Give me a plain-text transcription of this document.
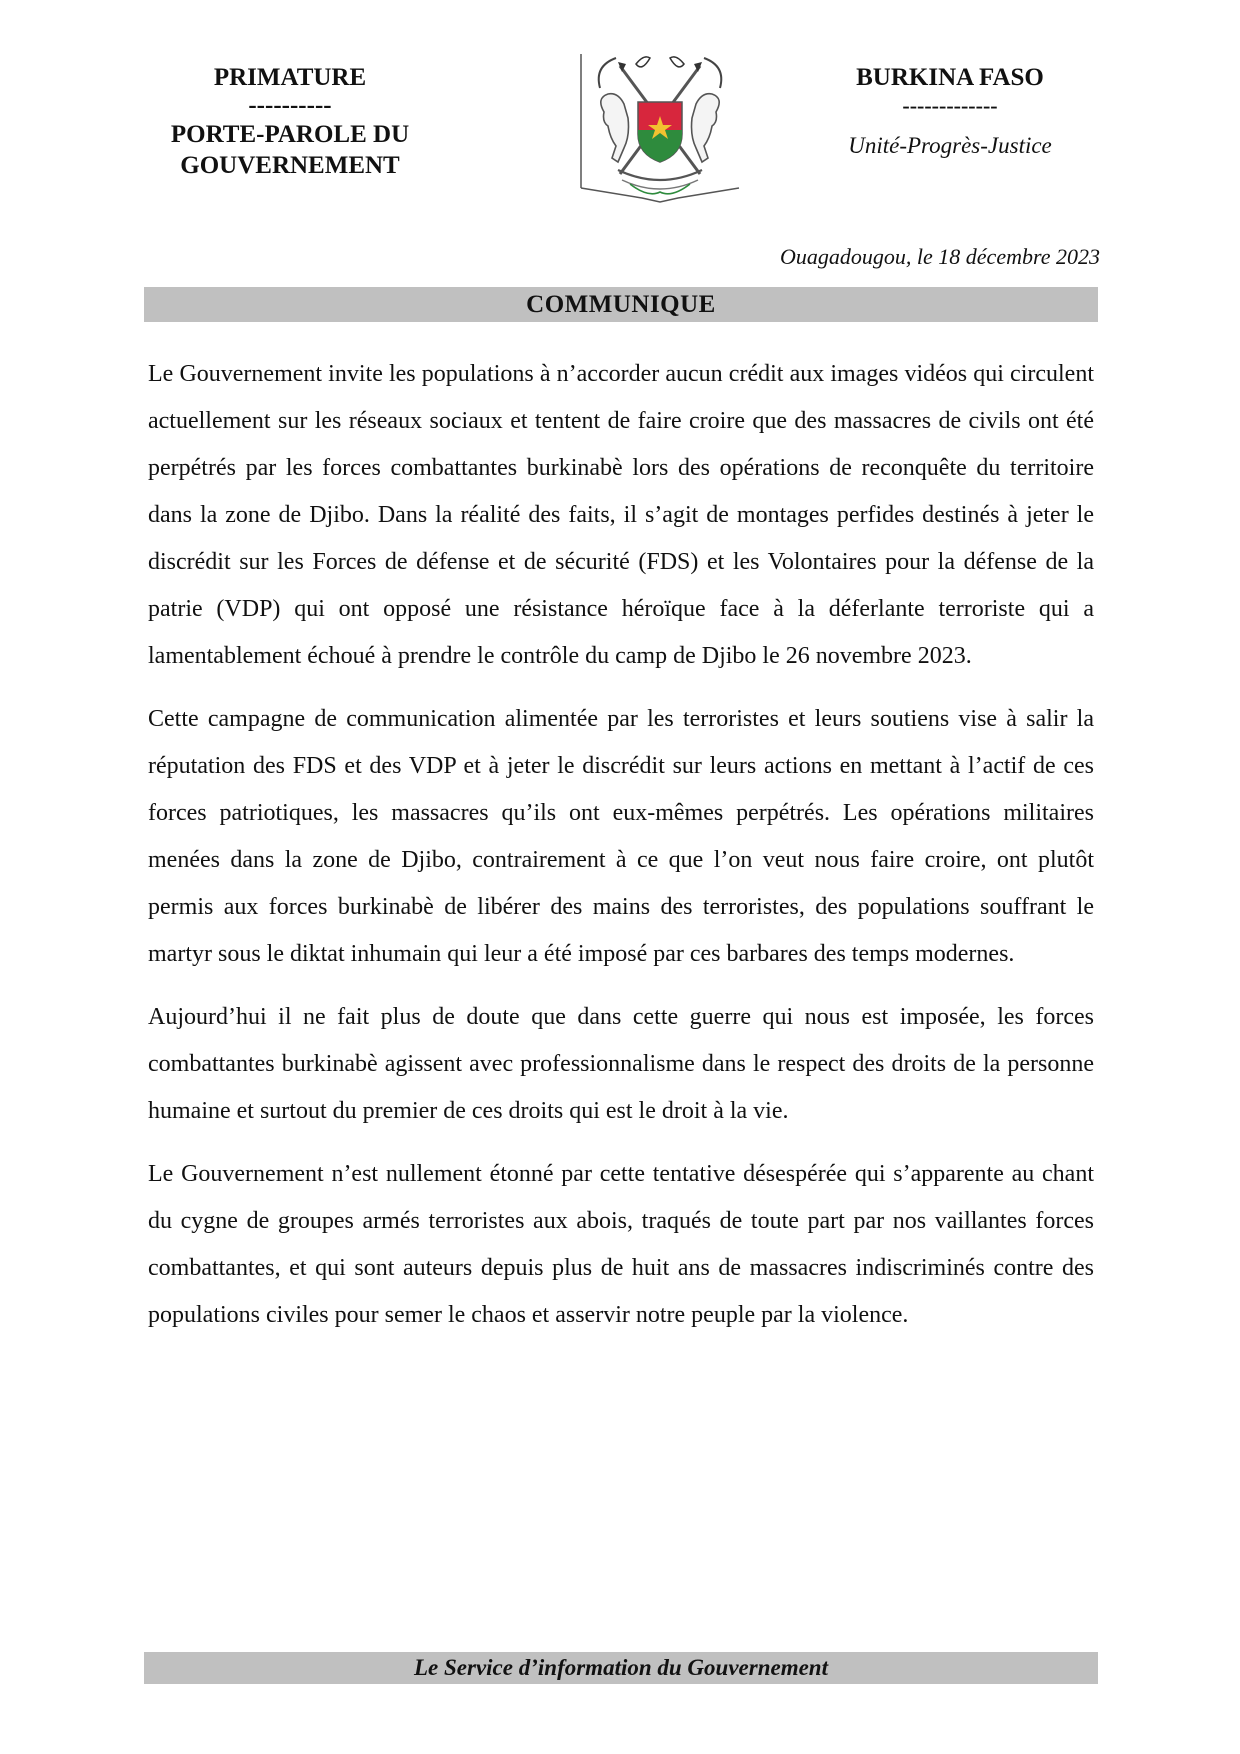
PRIMATURE
----------
PORTE-PAROLE DU
GOUVERNEMENT
BURKINA FASO
-------------
Unité-Progrès-Justice
Ouagadougou, le 18 décembre 2023
COMMUNIQUE

Le Gouvernement invite les populations à n’accorder aucun crédit aux images vidéos qui circulent actuellement sur les réseaux sociaux et tentent de faire croire que des massacres de civils ont été perpétrés par les forces combattantes burkinabè lors des opérations de reconquête du territoire dans la zone de Djibo. Dans la réalité des faits, il s’agit de montages perfides destinés à jeter le discrédit sur les Forces de défense et de sécurité (FDS) et les Volontaires pour la défense de la patrie (VDP) qui ont opposé une résistance héroïque face à la déferlante terroriste qui a lamentablement échoué à prendre le contrôle du camp de Djibo le 26 novembre 2023.

Cette campagne de communication alimentée par les terroristes et leurs soutiens vise à salir la réputation des FDS et des VDP et à jeter le discrédit sur leurs actions en mettant à l’actif de ces forces patriotiques, les massacres qu’ils ont eux-mêmes perpétrés. Les opérations militaires menées dans la zone de Djibo, contrairement à ce que l’on veut nous faire croire, ont plutôt permis aux forces burkinabè de libérer des mains des terroristes, des populations souffrant le martyr sous le diktat inhumain qui leur a été imposé par ces barbares des temps modernes.

Aujourd’hui il ne fait plus de doute que dans cette guerre qui nous est imposée, les forces combattantes burkinabè agissent avec professionnalisme dans le respect des droits de la personne humaine et surtout du premier de ces droits qui est le droit à la vie.

Le Gouvernement n’est nullement étonné par cette tentative désespérée qui s’apparente au chant du cygne de groupes armés terroristes aux abois, traqués de toute part par nos vaillantes forces combattantes, et qui sont auteurs depuis plus de huit ans de massacres indiscriminés contre des populations civiles pour semer le chaos et asservir notre peuple par la violence.

Le Service d’information du Gouvernement
